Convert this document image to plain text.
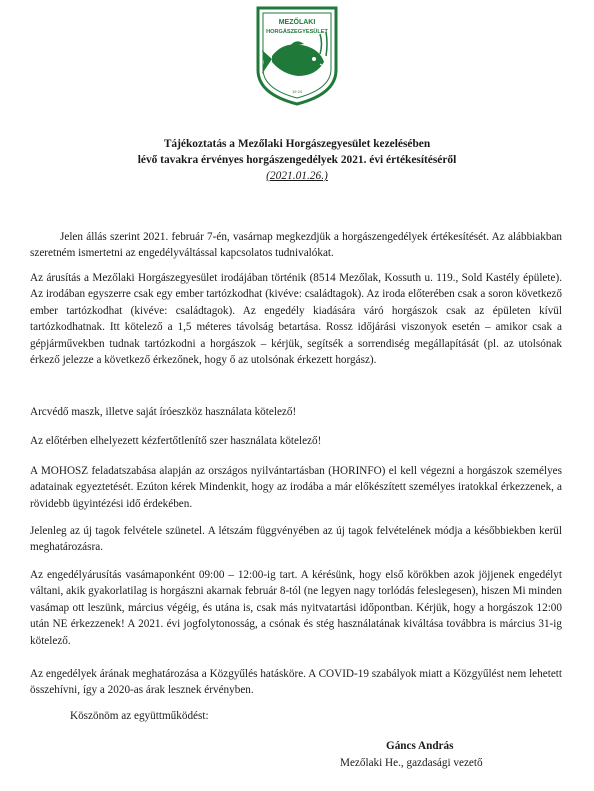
MEZŐLAKI
HORGÁSZEGYESÜLET
19 24
Tájékoztatás a Mezőlaki Horgászegyesület kezelésében
lévő tavakra érvényes horgászengedélyek 2021. évi értékesítéséről
(2021.01.26.)
Jelen állás szerint 2021. február 7-én, vasárnap megkezdjük a horgászengedélyek értékesítését. Az alábbiakban szeretném ismertetni az engedélyváltással kapcsolatos tudnivalókat.
Az árusítás a Mezőlaki Horgászegyesület irodájában történik (8514 Mezőlak, Kossuth u. 119., Sold Kastély épülete). Az irodában egyszerre csak egy ember tartózkodhat (kivéve: családtagok). Az iroda előterében csak a soron következő ember tartózkodhat (kivéve: családtagok). Az engedély kiadására váró horgászok csak az épületen kívül tartózkodhatnak. Itt kötelező a 1,5 méteres távolság betartása. Rossz időjárási viszonyok esetén – amikor csak a gépjárművekben tudnak tartózkodni a horgászok – kérjük, segítsék a sorrendiség megállapítását (pl. az utolsónak érkező jelezze a következő érkezőnek, hogy ő az utolsónak érkezett horgász).
Arcvédő maszk, illetve saját íróeszköz használata kötelező!
Az előtérben elhelyezett kézfertőtlenítő szer használata kötelező!
A MOHOSZ feladatszabása alapján az országos nyilvántartásban (HORINFO) el kell végezni a horgászok személyes adatainak egyeztetését. Ezúton kérek Mindenkit, hogy az irodába a már előkészített személyes iratokkal érkezzenek, a rövidebb ügyintézési idő érdekében.
Jelenleg az új tagok felvétele szünetel. A létszám függvényében az új tagok felvételének módja a későbbiekben kerül meghatározásra.
Az engedélyárusítás vasámaponként 09:00 – 12:00-ig tart. A kérésünk, hogy első körökben azok jöjjenek engedélyt váltani, akik gyakorlatilag is horgászni akarnak február 8-tól (ne legyen nagy torlódás feleslegesen), hiszen Mi minden vasámap ott leszünk, március végéig, és utána is, csak más nyitvatartási időpontban. Kérjük, hogy a horgászok 12:00 után NE érkezzenek! A 2021. évi jogfolytonosság, a csónak és stég használatának kiváltása továbbra is március 31-ig kötelező.
Az engedélyek árának meghatározása a Közgyűlés hatásköre. A COVID-19 szabályok miatt a Közgyűlést nem lehetett összehívni, így a 2020-as árak lesznek érvényben.
Köszönöm az együttműködést:
Gáncs András
Mezőlaki He., gazdasági vezető
